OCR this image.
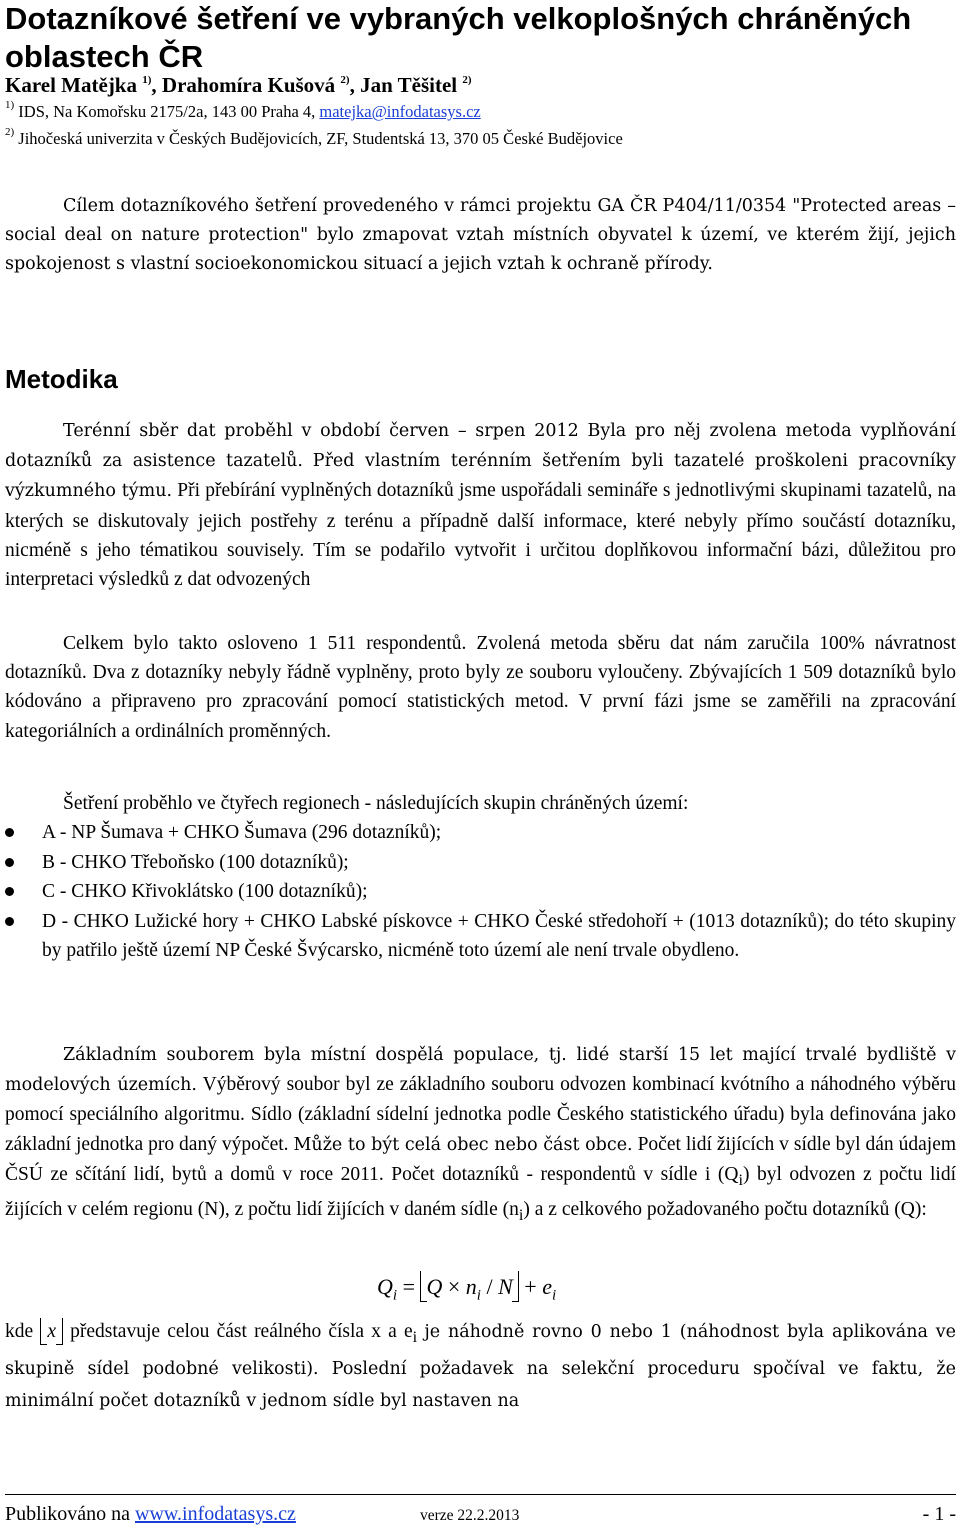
Dotazníkové šetření ve vybraných velkoplošných chráněných oblastech ČR
Karel Matějka $^{1)}$, Drahomíra Kušová $^{2)}$, Jan Těšitel $^{2)}$
$^{1)}$ IDS, Na Komořsku 2175/2a, 143 00 Praha 4, matejka@infodatasys.cz
$^{2)}$ Jihočeská univerzita v Českých Budějovicích, ZF, Studentská 13, 370 05 České Budějovice

Cílem dotazníkového šetření provedeného v rámci projektu GA ČR P404/11/0354 "Protected areas – social deal on nature protection" bylo zmapovat vztah místních obyvatel k území, ve kterém žijí, jejich spokojenost s vlastní socioekonomickou situací a jejich vztah k ochraně přírody.

Metodika

Terénní sběr dat proběhl v období červen – srpen 2012 Byla pro něj zvolena metoda vyplňování dotazníků za asistence tazatelů. Před vlastním terénním šetřením byli tazatelé proškoleni pracovníky výzkumného týmu. Při přebírání vyplněných dotazníků jsme uspořádali semináře s jednotlivými skupinami tazatelů, na kterých se diskutovaly jejich postřehy z terénu a případně další informace, které nebyly přímo součástí dotazníku, nicméně s jeho tématikou souvisely. Tím se podařilo vytvořit i určitou doplňkovou informační bázi, důležitou pro interpretaci výsledků z dat odvozených

Celkem bylo takto osloveno 1 511 respondentů. Zvolená metoda sběru dat nám zaručila 100% návratnost dotazníků. Dva z dotazníky nebyly řádně vyplněny, proto byly ze souboru vyloučeny. Zbývajících 1 509 dotazníků bylo kódováno a připraveno pro zpracování pomocí statistických metod. V první fázi jsme se zaměřili na zpracování kategoriálních a ordinálních proměnných.

Šetření proběhlo ve čtyřech regionech - následujících skupin chráněných území:

A - NP Šumava + CHKO Šumava (296 dotazníků);
B - CHKO Třeboňsko (100 dotazníků);
C - CHKO Křivoklátsko (100 dotazníků);
D - CHKO Lužické hory + CHKO Labské pískovce + CHKO České středohoří + (1013 dotazníků); do této skupiny by patřilo ještě území NP České Švýcarsko, nicméně toto území ale není trvale obydleno.

Základním souborem byla místní dospělá populace, tj. lidé starší 15 let mající trvalé bydliště v modelových územích. Výběrový soubor byl ze základního souboru odvozen kombinací kvótního a náhodného výběru pomocí speciálního algoritmu. Sídlo (základní sídelní jednotka podle Českého statistického úřadu) byla definována jako základní jednotka pro daný výpočet. Může to být celá obec nebo část obce. Počet lidí žijících v sídle byl dán údajem ČSÚ ze sčítání lidí, bytů a domů v roce 2011. Počet dotazníků - respondentů v sídle i $(Q_i)$ byl odvozen z počtu lidí žijících v celém regionu (N), z počtu lidí žijících v daném sídle $(n_i)$ a z celkového požadovaného počtu dotazníků (Q):

$Q_i = Q \times n_i / N + e_i$

kde x představuje celou část reálného čísla x a $e_i$ je náhodně rovno 0 nebo 1 (náhodnost byla aplikována ve skupině sídel podobné velikosti). Poslední požadavek na selekční proceduru spočíval ve faktu, že minimální počet dotazníků v jednom sídle byl nastaven na

Publikováno na www.infodatasys.cz	verze 22.2.2013	- 1 -
